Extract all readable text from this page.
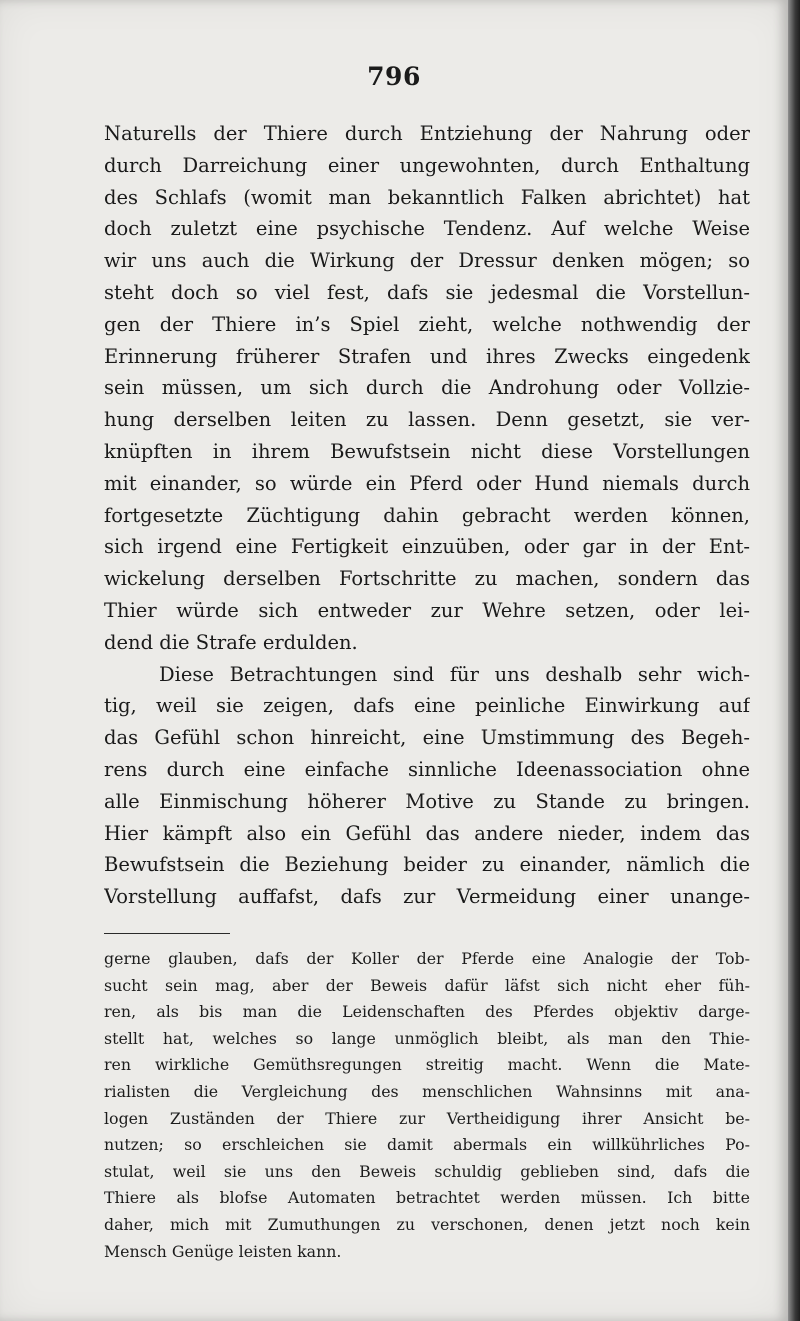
796
Naturells der Thiere durch Entziehung der Nahrung oder
durch Darreichung einer ungewohnten, durch Enthaltung
des Schlafs (womit man bekanntlich Falken abrichtet) hat
doch zuletzt eine psychische Tendenz. Auf welche Weise
wir uns auch die Wirkung der Dressur denken mögen; so
steht doch so viel fest, dafs sie jedesmal die Vorstellun-
gen der Thiere in’s Spiel zieht, welche nothwendig der
Erinnerung früherer Strafen und ihres Zwecks eingedenk
sein müssen, um sich durch die Androhung oder Vollzie-
hung derselben leiten zu lassen. Denn gesetzt, sie ver-
knüpften in ihrem Bewufstsein nicht diese Vorstellungen
mit einander, so würde ein Pferd oder Hund niemals durch
fortgesetzte Züchtigung dahin gebracht werden können,
sich irgend eine Fertigkeit einzuüben, oder gar in der Ent-
wickelung derselben Fortschritte zu machen, sondern das
Thier würde sich entweder zur Wehre setzen, oder lei-
dend die Strafe erdulden.
Diese Betrachtungen sind für uns deshalb sehr wich-
tig, weil sie zeigen, dafs eine peinliche Einwirkung auf
das Gefühl schon hinreicht, eine Umstimmung des Begeh-
rens durch eine einfache sinnliche Ideenassociation ohne
alle Einmischung höherer Motive zu Stande zu bringen.
Hier kämpft also ein Gefühl das andere nieder, indem das
Bewufstsein die Beziehung beider zu einander, nämlich die
Vorstellung auffafst, dafs zur Vermeidung einer unange-
gerne glauben, dafs der Koller der Pferde eine Analogie der Tob-
sucht sein mag, aber der Beweis dafür läfst sich nicht eher füh-
ren, als bis man die Leidenschaften des Pferdes objektiv darge-
stellt hat, welches so lange unmöglich bleibt, als man den Thie-
ren wirkliche Gemüthsregungen streitig macht. Wenn die Mate-
rialisten die Vergleichung des menschlichen Wahnsinns mit ana-
logen Zuständen der Thiere zur Vertheidigung ihrer Ansicht be-
nutzen; so erschleichen sie damit abermals ein willkührliches Po-
stulat, weil sie uns den Beweis schuldig geblieben sind, dafs die
Thiere als blofse Automaten betrachtet werden müssen. Ich bitte
daher, mich mit Zumuthungen zu verschonen, denen jetzt noch kein
Mensch Genüge leisten kann.
